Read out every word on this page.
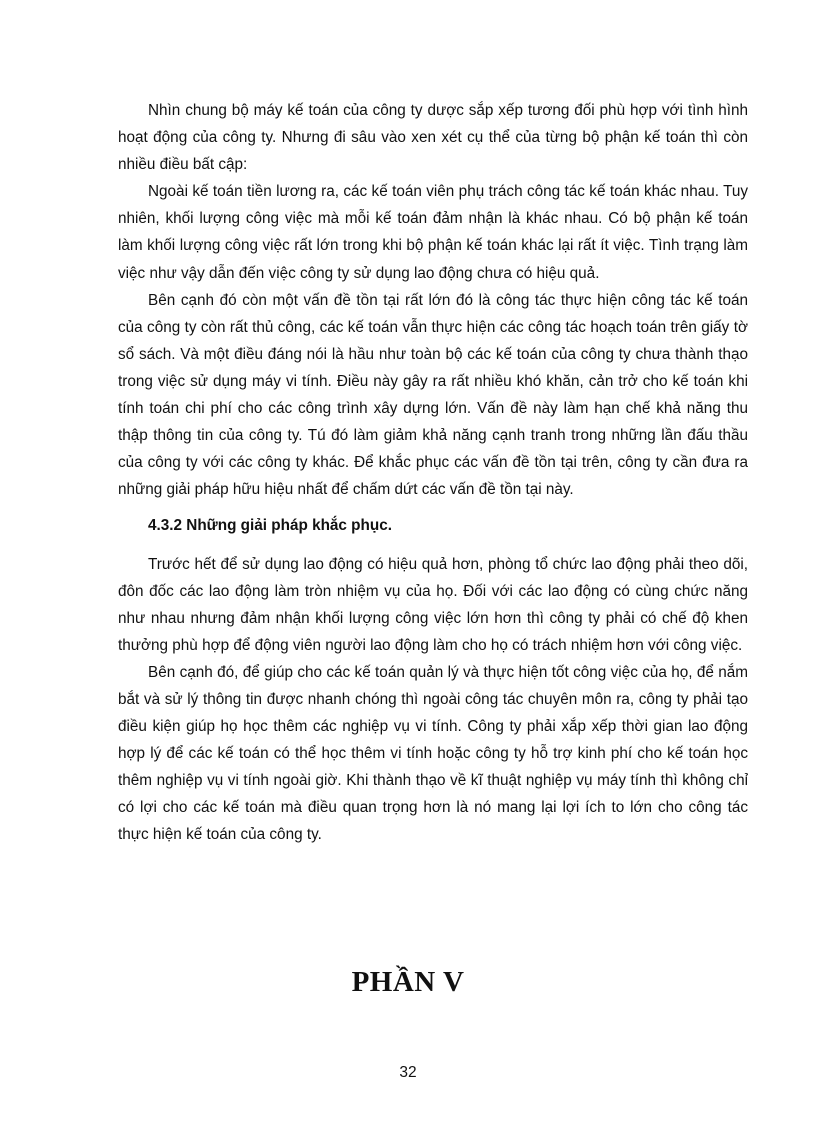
Nhìn chung bộ máy kế toán của công ty dược sắp xếp tương đối phù hợp với tình hình hoạt động của công ty. Nhưng đi sâu vào xen xét cụ thể của từng bộ phận kế toán thì còn nhiều điều bất cập:

Ngoài kế toán tiền lương ra, các kế toán viên phụ trách công tác kế toán khác nhau. Tuy nhiên, khối lượng công việc mà mỗi kế toán đảm nhận là khác nhau. Có bộ phận kế toán làm khối lượng công việc rất lớn trong khi bộ phận kế toán khác lại rất ít việc. Tình trạng làm việc như vậy dẫn đến việc công ty sử dụng lao động chưa có hiệu quả.

Bên cạnh đó còn một vấn đề tồn tại rất lớn đó là công tác thực hiện công tác kế toán của công ty còn rất thủ công, các kế toán vẫn thực hiện các công tác hoạch toán trên giấy tờ sổ sách. Và một điều đáng nói là hầu như toàn bộ các kế toán của công ty chưa thành thạo trong việc sử dụng máy vi tính. Điều này gây ra rất nhiều khó khăn, cản trở cho kế toán khi tính toán chi phí cho các công trình xây dựng lớn. Vấn đề này làm hạn chế khả năng thu thập thông tin của công ty. Tú đó làm giảm khả năng cạnh tranh trong những lần đấu thầu của công ty với các công ty khác. Để khắc phục các vấn đề tồn tại trên, công ty cần đưa ra những giải pháp hữu hiệu nhất để chấm dứt các vấn đề tồn tại này.

4.3.2 Những giải pháp khắc phục.

Trước hết để sử dụng lao động có hiệu quả hơn, phòng tổ chức lao động phải theo dõi, đôn đốc các lao động làm tròn nhiệm vụ của họ. Đối với các lao động có cùng chức năng như nhau nhưng đảm nhận khối lượng công việc lớn hơn thì công ty phải có chế độ khen thưởng phù hợp để động viên người lao động làm cho họ có trách nhiệm hơn với công việc.

Bên cạnh đó, để giúp cho các kế toán quản lý và thực hiện tốt công việc của họ, để nắm bắt và sử lý thông tin được nhanh chóng thì ngoài công tác chuyên môn ra, công ty phải tạo điều kiện giúp họ học thêm các nghiệp vụ vi tính. Công ty phải xắp xếp thời gian lao động hợp lý để các kế toán có thể học thêm vi tính hoặc công ty hỗ trợ kinh phí cho kế toán học thêm nghiệp vụ vi tính ngoài giờ. Khi thành thạo về kĩ thuật nghiệp vụ máy tính thì không chỉ có lợi cho các kế toán mà điều quan trọng hơn là nó mang lại lợi ích to lớn cho công tác thực hiện kế toán của công ty.

PHẦN V
32
